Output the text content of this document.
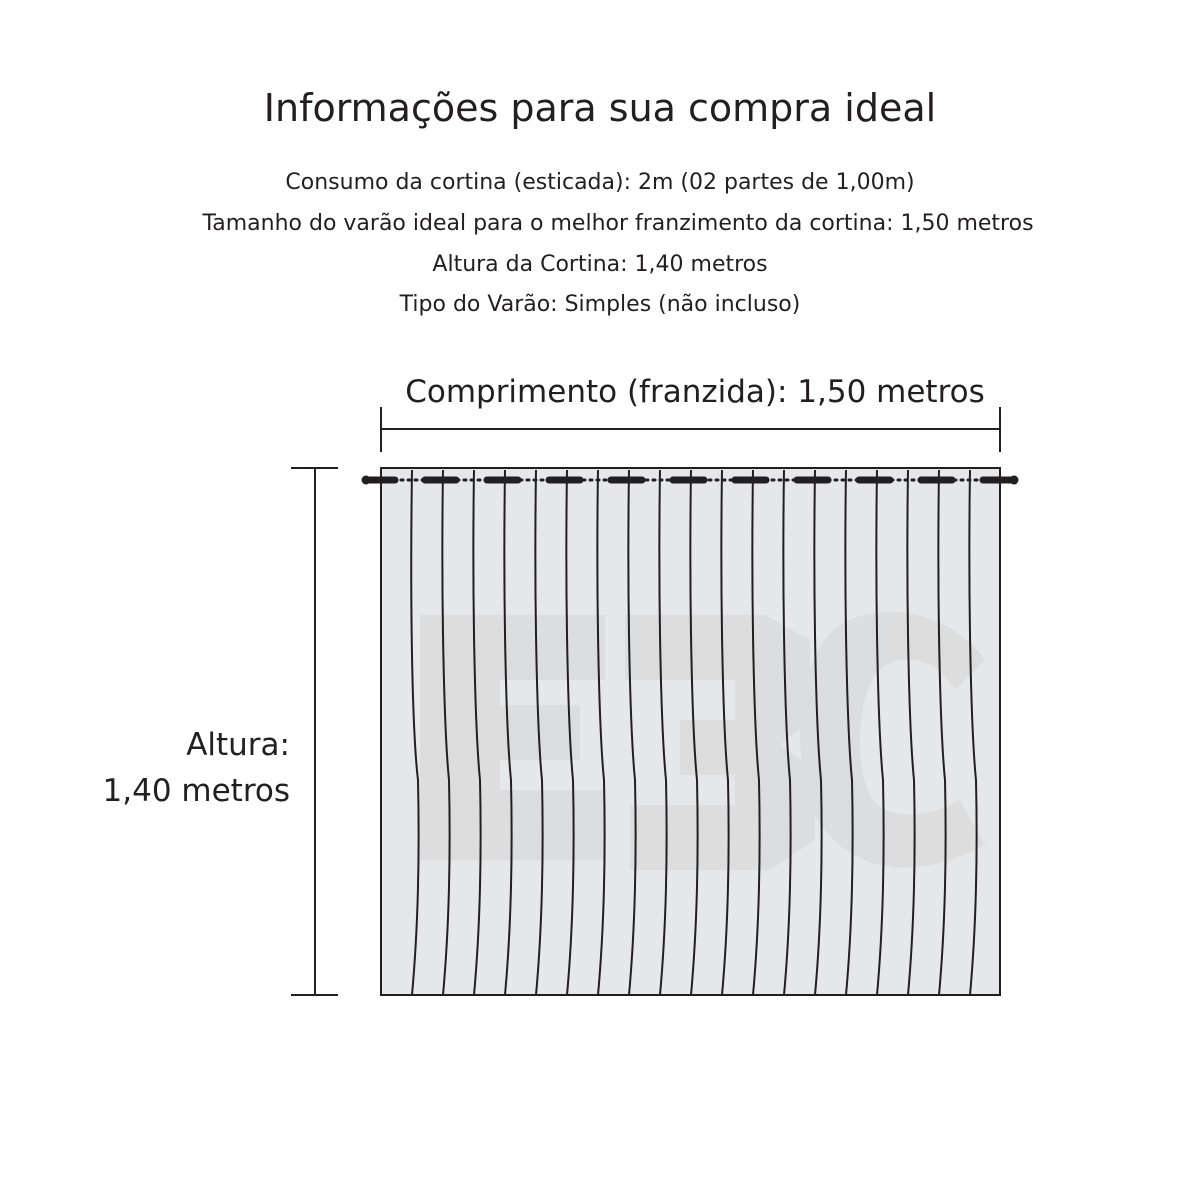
Informações para sua compra ideal
Consumo da cortina (esticada): 2m (02 partes de 1,00m)
Tamanho do varão ideal para o melhor franzimento da cortina: 1,50 metros
Altura da Cortina: 1,40 metros
Tipo do Varão: Simples (não incluso)
Comprimento (franzida): 1,50 metros
Altura:
1,40 metros
